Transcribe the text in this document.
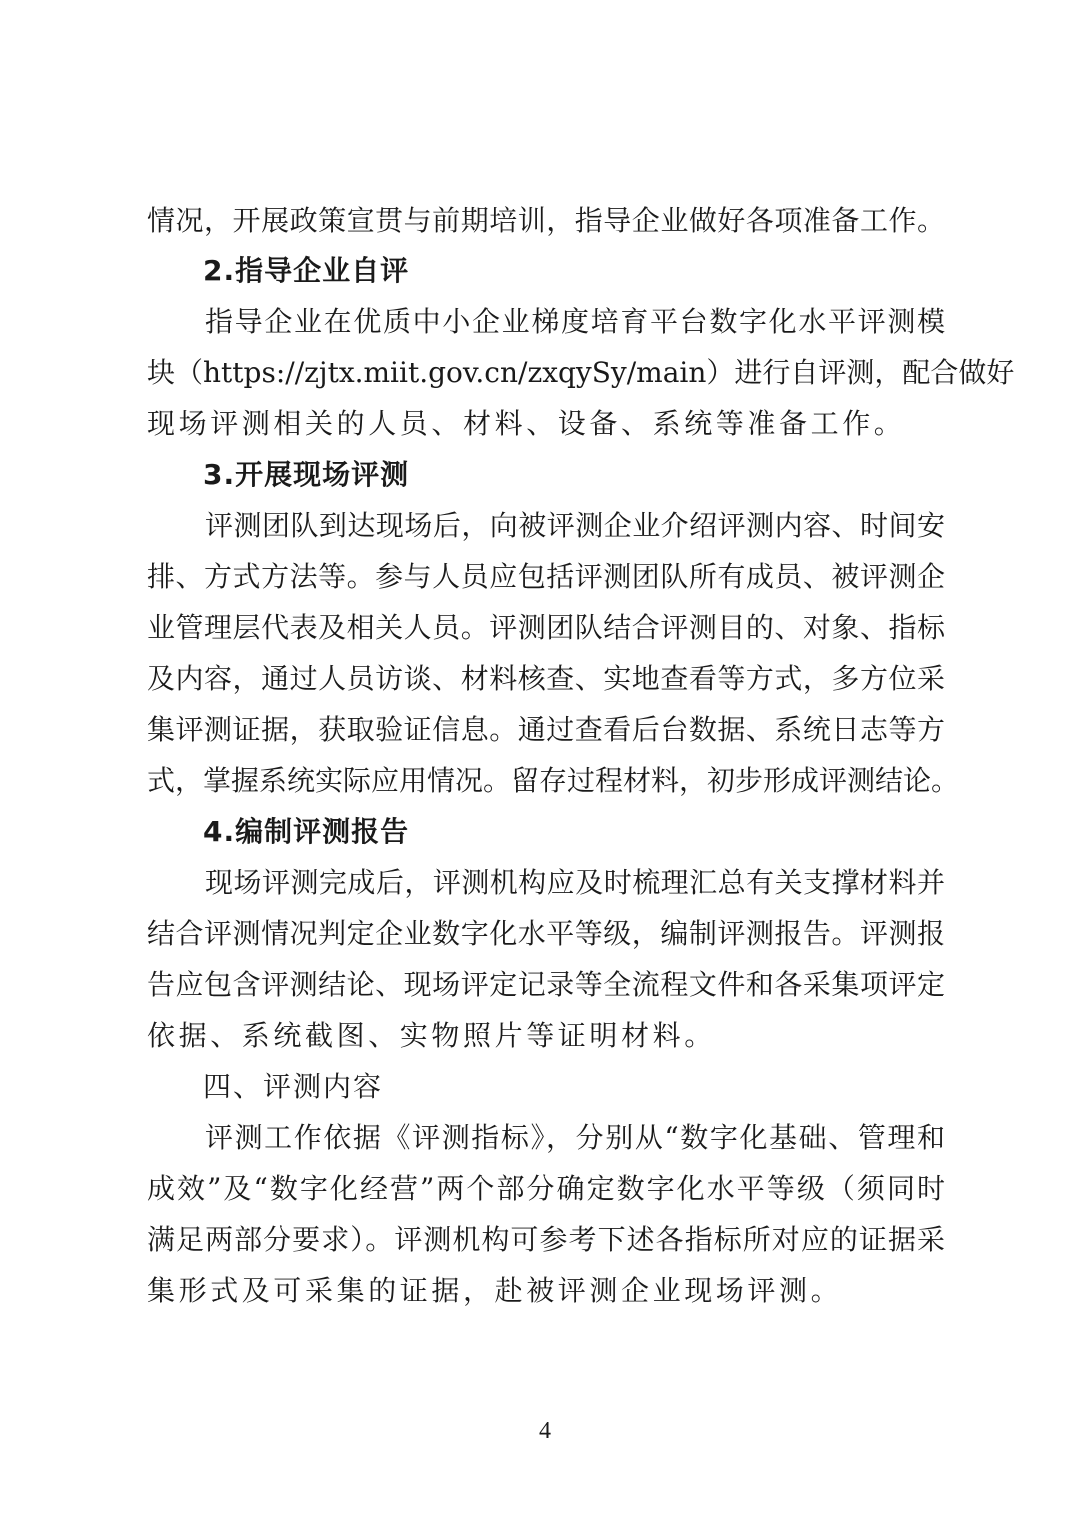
情况，开展政策宣贯与前期培训，指导企业做好各项准备工作。
2.指导企业自评
指导企业在优质中小企业梯度培育平台数字化水平评测模
块（https://zjtx.miit.gov.cn/zxqySy/main）进行自评测，配合做好
现场评测相关的人员、材料、设备、系统等准备工作。
3.开展现场评测
评测团队到达现场后，向被评测企业介绍评测内容、时间安
排、方式方法等。参与人员应包括评测团队所有成员、被评测企
业管理层代表及相关人员。评测团队结合评测目的、对象、指标
及内容，通过人员访谈、材料核查、实地查看等方式，多方位采
集评测证据，获取验证信息。通过查看后台数据、系统日志等方
式，掌握系统实际应用情况。留存过程材料，初步形成评测结论。
4.编制评测报告
现场评测完成后，评测机构应及时梳理汇总有关支撑材料并
结合评测情况判定企业数字化水平等级，编制评测报告。评测报
告应包含评测结论、现场评定记录等全流程文件和各采集项评定
依据、系统截图、实物照片等证明材料。
四、评测内容
评测工作依据《评测指标》，分别从“数字化基础、管理和
成效”及“数字化经营”两个部分确定数字化水平等级（须同时
满足两部分要求）。评测机构可参考下述各指标所对应的证据采
集形式及可采集的证据，赴被评测企业现场评测。
4
